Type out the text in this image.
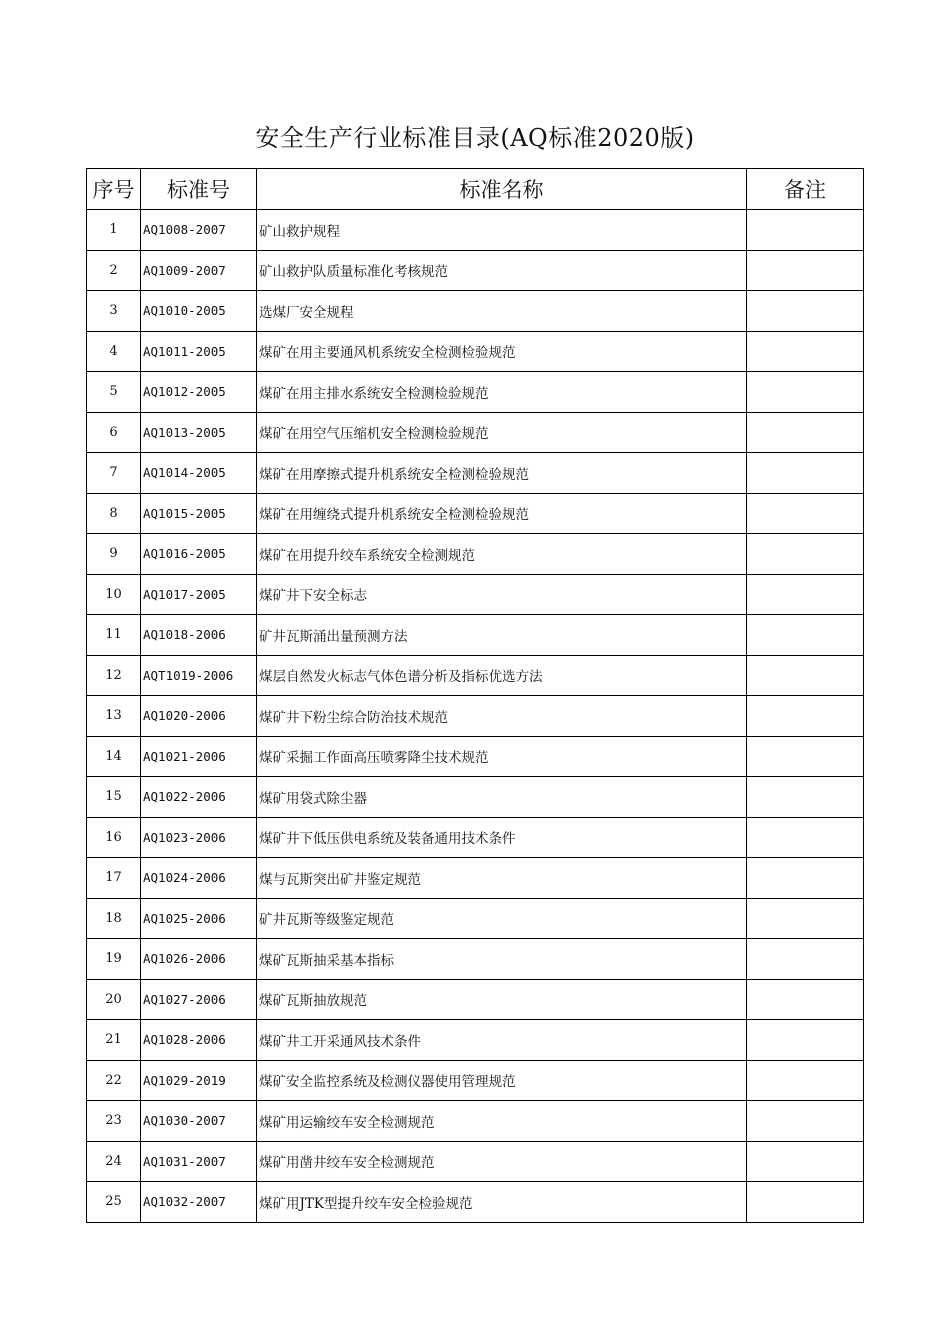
安全生产行业标准目录(AQ标准2020版)
序号	标准号	标准名称	备注
1	AQ1008-2007	矿山救护规程	
2	AQ1009-2007	矿山救护队质量标准化考核规范	
3	AQ1010-2005	选煤厂安全规程	
4	AQ1011-2005	煤矿在用主要通风机系统安全检测检验规范	
5	AQ1012-2005	煤矿在用主排水系统安全检测检验规范	
6	AQ1013-2005	煤矿在用空气压缩机安全检测检验规范	
7	AQ1014-2005	煤矿在用摩擦式提升机系统安全检测检验规范	
8	AQ1015-2005	煤矿在用缠绕式提升机系统安全检测检验规范	
9	AQ1016-2005	煤矿在用提升绞车系统安全检测规范	
10	AQ1017-2005	煤矿井下安全标志	
11	AQ1018-2006	矿井瓦斯涌出量预测方法	
12	AQT1019-2006	煤层自然发火标志气体色谱分析及指标优选方法	
13	AQ1020-2006	煤矿井下粉尘综合防治技术规范	
14	AQ1021-2006	煤矿采掘工作面高压喷雾降尘技术规范	
15	AQ1022-2006	煤矿用袋式除尘器	
16	AQ1023-2006	煤矿井下低压供电系统及装备通用技术条件	
17	AQ1024-2006	煤与瓦斯突出矿井鉴定规范	
18	AQ1025-2006	矿井瓦斯等级鉴定规范	
19	AQ1026-2006	煤矿瓦斯抽采基本指标	
20	AQ1027-2006	煤矿瓦斯抽放规范	
21	AQ1028-2006	煤矿井工开采通风技术条件	
22	AQ1029-2019	煤矿安全监控系统及检测仪器使用管理规范	
23	AQ1030-2007	煤矿用运输绞车安全检测规范	
24	AQ1031-2007	煤矿用凿井绞车安全检测规范	
25	AQ1032-2007	煤矿用JTK型提升绞车安全检验规范	
